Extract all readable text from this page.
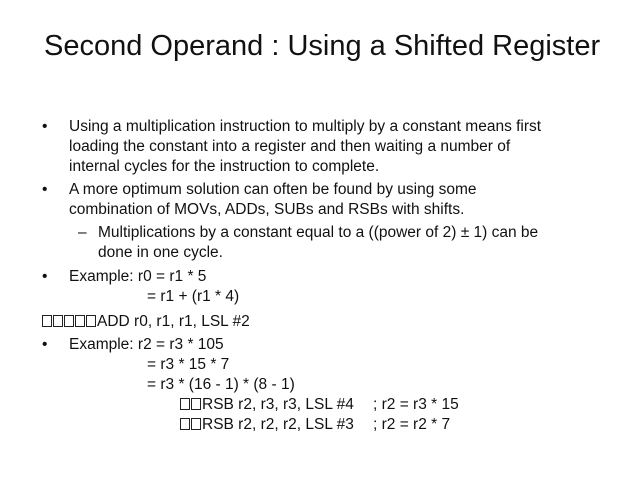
Second Operand : Using a Shifted Register
• Using a multiplication instruction to multiply by a constant means first
loading the constant into a register and then waiting a number of
internal cycles for the instruction to complete.
• A more optimum solution can often be found by using some
combination of MOVs, ADDs, SUBs and RSBs with shifts.
– Multiplications by a constant equal to a ((power of 2) ± 1) can be
done in one cycle.
• Example: r0 = r1 * 5
= r1 + (r1 * 4)
ADD r0, r1, r1, LSL #2
• Example: r2 = r3 * 105
= r3 * 15 * 7
= r3 * (16 - 1) * (8 - 1)
RSB r2, r3, r3, LSL #4 ; r2 = r3 * 15
RSB r2, r2, r2, LSL #3 ; r2 = r2 * 7
